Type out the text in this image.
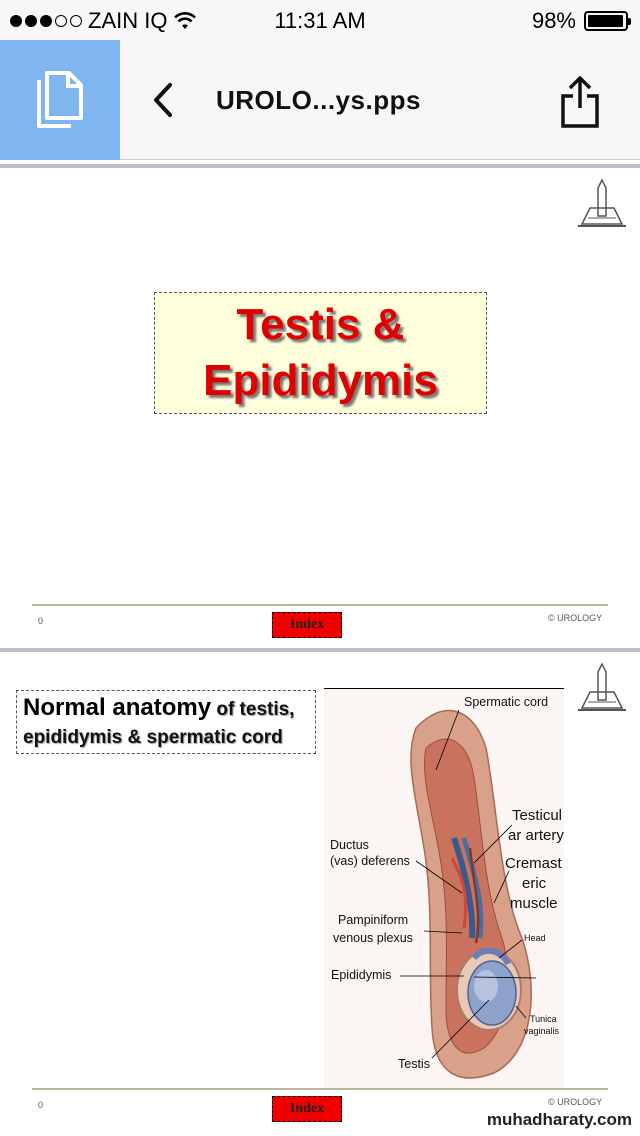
ZAIN IQ	11:31 AM	98%
UROLO...ys.pps
Testis &
Epididymis
0	© UROLOGY
Index
Normal anatomy of testis, epididymis & spermatic cord
Spermatic cord
Testicul
ar artery
Ductus
(vas) deferens	Cremast
eric
muscle
Pampiniform
venous plexus	Head
Epididymis
Tunica
vaginalis
Testis
0	© UROLOGY
Index
muhadharaty.com
